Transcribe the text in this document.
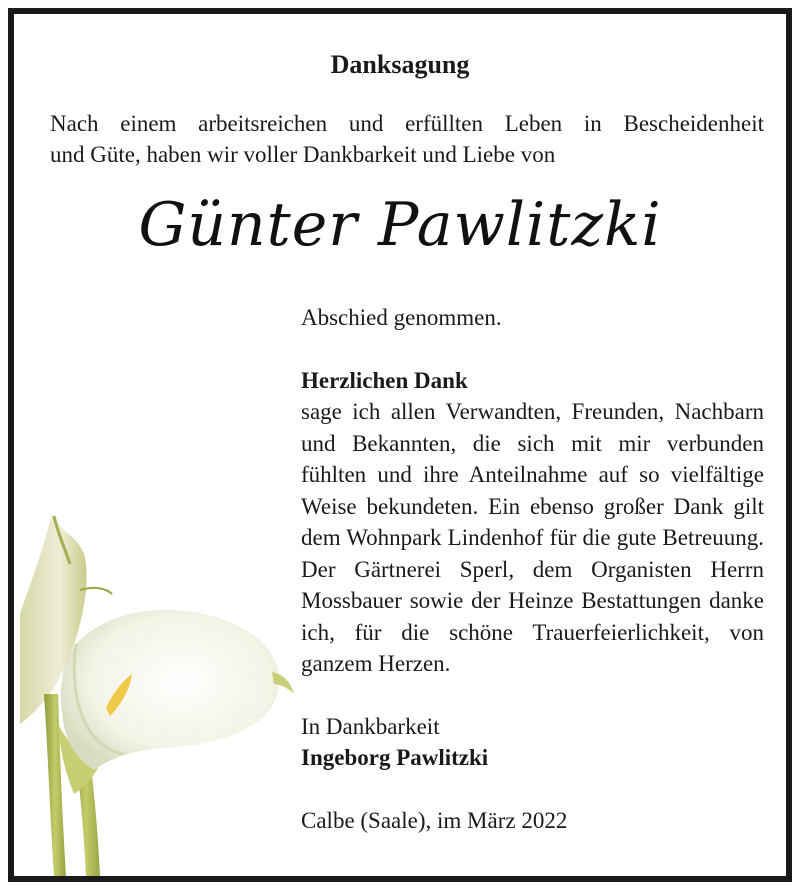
Danksagung
Nach einem arbeitsreichen und erfüllten Leben in Bescheidenheit
und Güte, haben wir voller Dankbarkeit und Liebe von
Günter Pawlitzki

Abschied genommen.

Herzlichen Dank

sage ich allen Verwandten, Freunden, Nachbarn und Bekannten, die sich mit mir verbunden fühlten und ihre Anteilnahme auf so vielfältige Weise bekundeten. Ein ebenso großer Dank gilt dem Wohnpark Lindenhof für die gute Betreuung. Der Gärtnerei Sperl, dem Organisten Herrn Mossbauer sowie der Heinze Bestattungen danke ich, für die schöne Trauerfeierlichkeit, von ganzem Herzen.

In Dankbarkeit

Ingeborg Pawlitzki

Calbe (Saale), im März 2022
